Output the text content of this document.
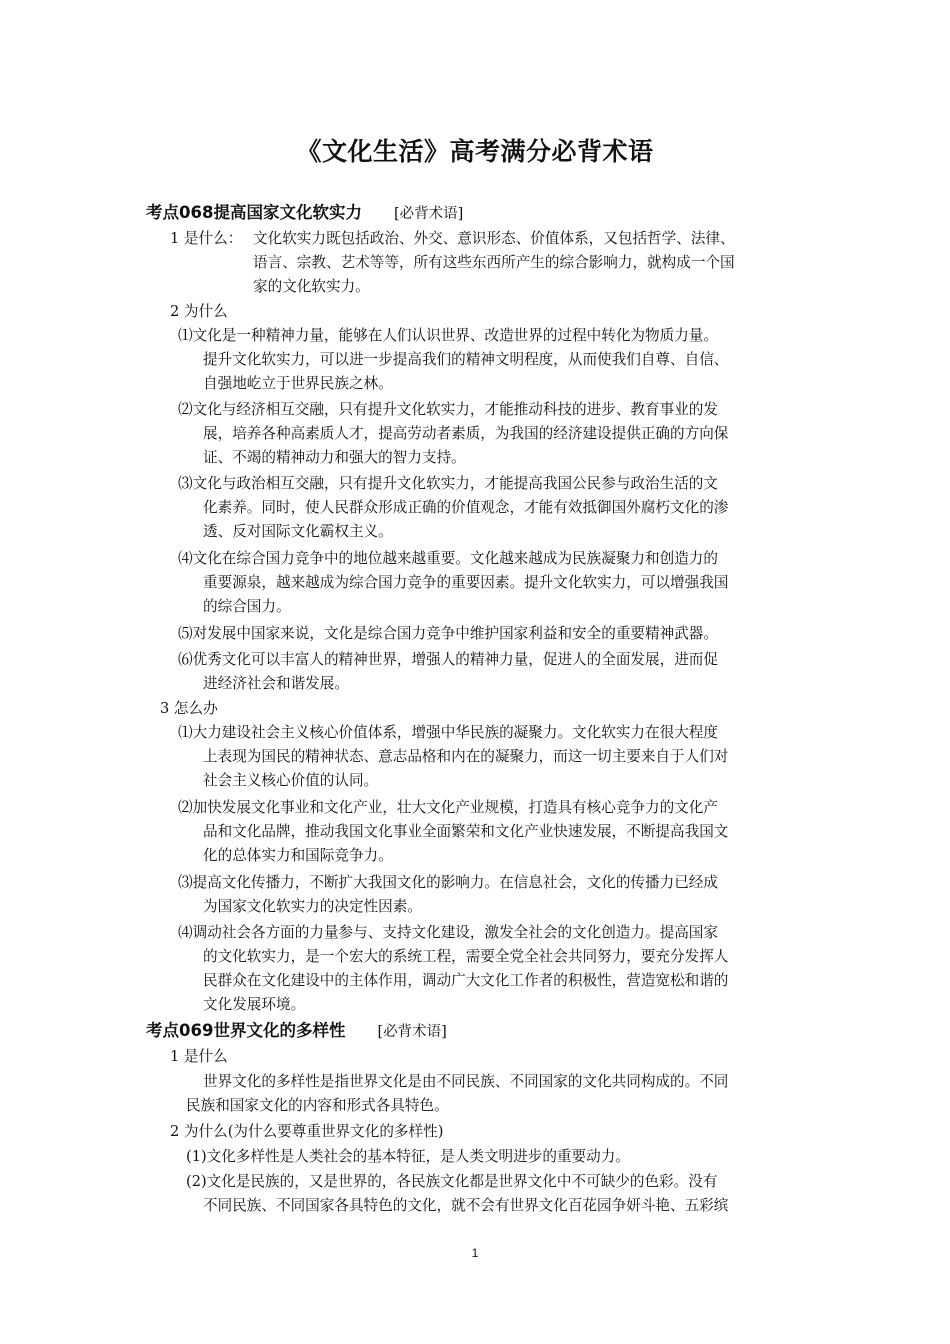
《文化生活》高考满分必背术语
考点068提高国家文化软实力 [必背术语]
1 是什么： 文化软实力既包括政治、外交、意识形态、价值体系，又包括哲学、法律、
语言、宗教、艺术等等，所有这些东西所产生的综合影响力，就构成一个国
家的文化软实力。
2 为什么
⑴文化是一种精神力量，能够在人们认识世界、改造世界的过程中转化为物质力量。
提升文化软实力，可以进一步提高我们的精神文明程度，从而使我们自尊、自信、
自强地屹立于世界民族之林。
⑵文化与经济相互交融，只有提升文化软实力，才能推动科技的进步、教育事业的发
展，培养各种高素质人才，提高劳动者素质，为我国的经济建设提供正确的方向保
证、不竭的精神动力和强大的智力支持。
⑶文化与政治相互交融，只有提升文化软实力，才能提高我国公民参与政治生活的文
化素养。同时，使人民群众形成正确的价值观念，才能有效抵御国外腐朽文化的渗
透、反对国际文化霸权主义。
⑷文化在综合国力竞争中的地位越来越重要。文化越来越成为民族凝聚力和创造力的
重要源泉，越来越成为综合国力竞争的重要因素。提升文化软实力，可以增强我国
的综合国力。
⑸对发展中国家来说，文化是综合国力竞争中维护国家利益和安全的重要精神武器。
⑹优秀文化可以丰富人的精神世界，增强人的精神力量，促进人的全面发展，进而促
进经济社会和谐发展。
3 怎么办
⑴大力建设社会主义核心价值体系，增强中华民族的凝聚力。文化软实力在很大程度
上表现为国民的精神状态、意志品格和内在的凝聚力，而这一切主要来自于人们对
社会主义核心价值的认同。
⑵加快发展文化事业和文化产业，壮大文化产业规模，打造具有核心竞争力的文化产
品和文化品牌，推动我国文化事业全面繁荣和文化产业快速发展，不断提高我国文
化的总体实力和国际竞争力。
⑶提高文化传播力，不断扩大我国文化的影响力。在信息社会，文化的传播力已经成
为国家文化软实力的决定性因素。
⑷调动社会各方面的力量参与、支持文化建设，激发全社会的文化创造力。提高国家
的文化软实力，是一个宏大的系统工程，需要全党全社会共同努力，要充分发挥人
民群众在文化建设中的主体作用，调动广大文化工作者的积极性，营造宽松和谐的
文化发展环境。
考点069世界文化的多样性 [必背术语]
1 是什么
世界文化的多样性是指世界文化是由不同民族、不同国家的文化共同构成的。不同
民族和国家文化的内容和形式各具特色。
2 为什么(为什么要尊重世界文化的多样性)
(1)文化多样性是人类社会的基本特征，是人类文明进步的重要动力。
(2)文化是民族的，又是世界的，各民族文化都是世界文化中不可缺少的色彩。没有
不同民族、不同国家各具特色的文化，就不会有世界文化百花园争妍斗艳、五彩缤
1
